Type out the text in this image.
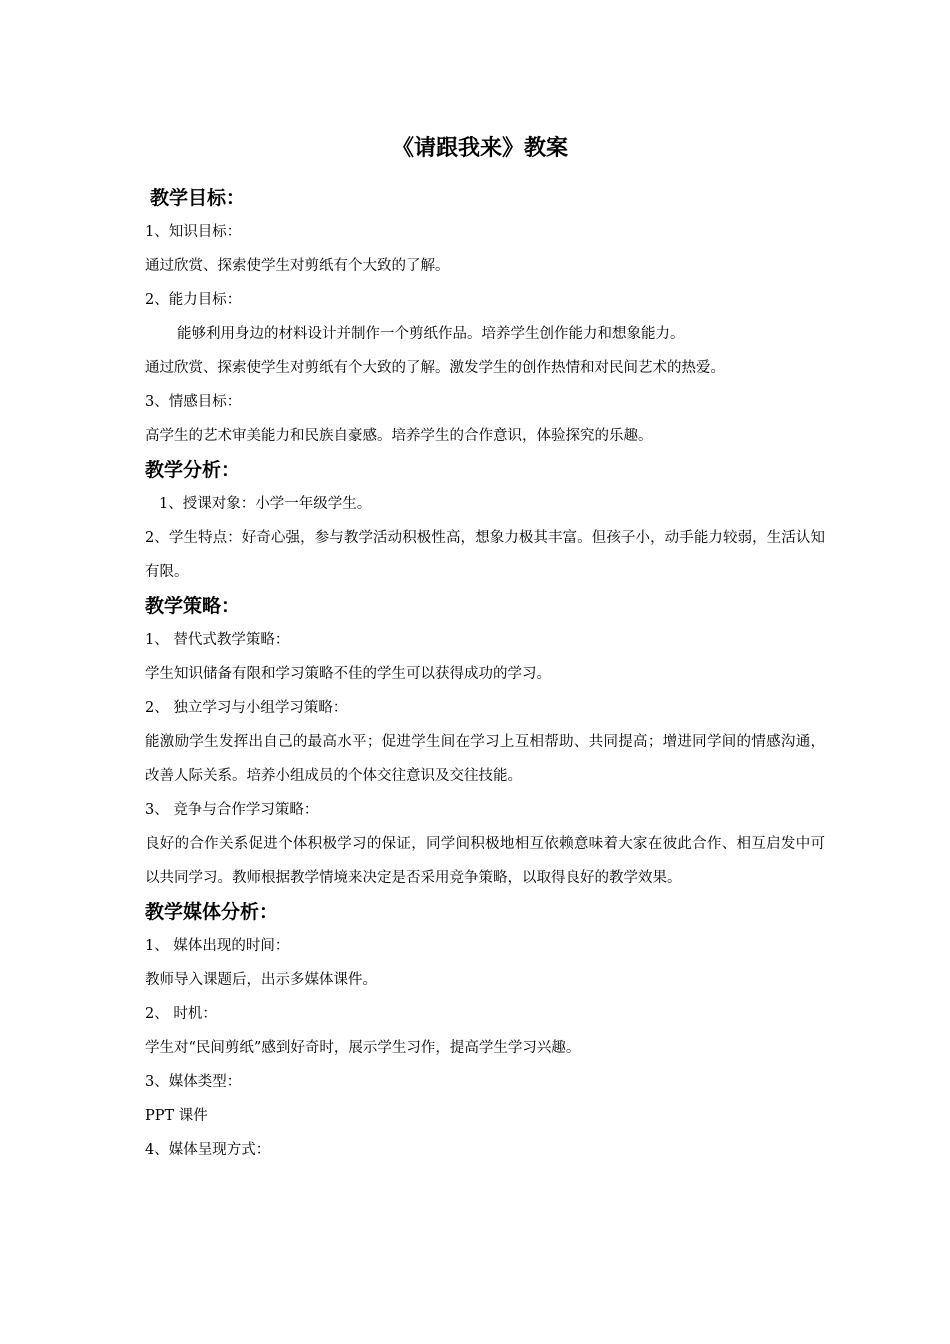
《请跟我来》教案
教学目标：

1、知识目标：

通过欣赏、探索使学生对剪纸有个大致的了解。

2、能力目标：

能够利用身边的材料设计并制作一个剪纸作品。培养学生创作能力和想象能力。

通过欣赏、探索使学生对剪纸有个大致的了解。激发学生的创作热情和对民间艺术的热爱。

3、情感目标：

高学生的艺术审美能力和民族自豪感。培养学生的合作意识，体验探究的乐趣。

教学分析：

1、授课对象：小学一年级学生。

2、学生特点：好奇心强，参与教学活动积极性高，想象力极其丰富。但孩子小，动手能力较弱，生活认知有限。

教学策略：

1、 替代式教学策略：

学生知识储备有限和学习策略不佳的学生可以获得成功的学习。

2、 独立学习与小组学习策略：

能激励学生发挥出自己的最高水平；促进学生间在学习上互相帮助、共同提高；增进同学间的情感沟通，改善人际关系。培养小组成员的个体交往意识及交往技能。

3、 竞争与合作学习策略：

良好的合作关系促进个体积极学习的保证，同学间积极地相互依赖意味着大家在彼此合作、相互启发中可以共同学习。教师根据教学情境来决定是否采用竞争策略，以取得良好的教学效果。

教学媒体分析：

1、 媒体出现的时间：

教师导入课题后，出示多媒体课件。

2、 时机：

学生对“民间剪纸”感到好奇时，展示学生习作，提高学生学习兴趣。

3、媒体类型：

PPT 课件

4、媒体呈现方式：
